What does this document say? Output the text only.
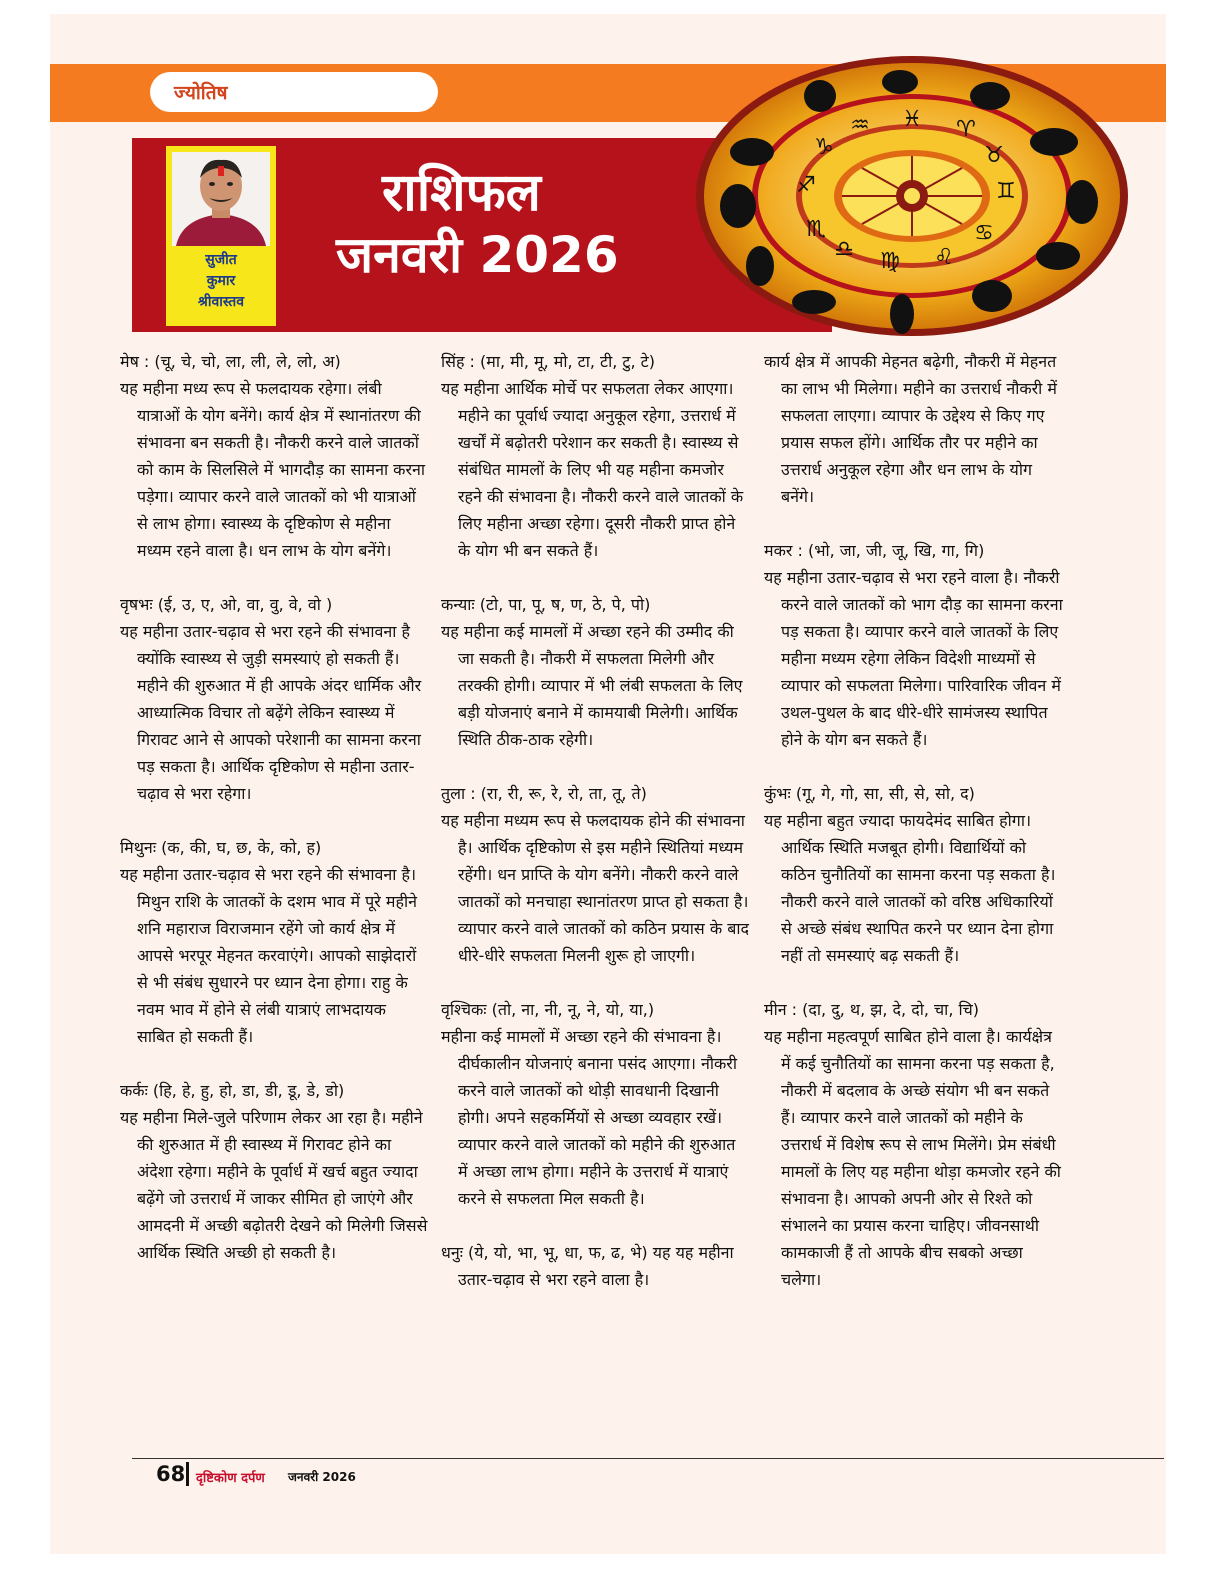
ज्योतिष
सुजीत
कुमार
श्रीवास्तव
राशिफल
जनवरी 2026
♓ ♈
♉
♊
♋
♌
♍
♎
♏
♐
♑
♒
मेष : (चू, चे, चो, ला, ली, ले, लो, अ)

यह महीना मध्य रूप से फलदायक रहेगा। लंबी यात्राओं के योग बनेंगे। कार्य क्षेत्र में स्थानांतरण की संभावना बन सकती है। नौकरी करने वाले जातकों को काम के सिलसिले में भागदौड़ का सामना करना पड़ेगा। व्यापार करने वाले जातकों को भी यात्राओं से लाभ होगा। स्वास्थ्य के दृष्टिकोण से महीना मध्यम रहने वाला है। धन लाभ के योग बनेंगे।

वृषभः (ई, उ, ए, ओ, वा, वु, वे, वो )

यह महीना उतार-चढ़ाव से भरा रहने की संभावना है क्योंकि स्वास्थ्य से जुड़ी समस्याएं हो सकती हैं। महीने की शुरुआत में ही आपके अंदर धार्मिक और आध्यात्मिक विचार तो बढ़ेंगे लेकिन स्वास्थ्य में गिरावट आने से आपको परेशानी का सामना करना पड़ सकता है। आर्थिक दृष्टिकोण से महीना उतार-चढ़ाव से भरा रहेगा।

मिथुनः (क, की, घ, छ, के, को, ह)

यह महीना उतार-चढ़ाव से भरा रहने की संभावना है। मिथुन राशि के जातकों के दशम भाव में पूरे महीने शनि महाराज विराजमान रहेंगे जो कार्य क्षेत्र में आपसे भरपूर मेहनत करवाएंगे। आपको साझेदारों से भी संबंध सुधारने पर ध्यान देना होगा। राहु के नवम भाव में होने से लंबी यात्राएं लाभदायक साबित हो सकती हैं।

कर्कः (हि, हे, हु, हो, डा, डी, डू, डे, डो)

यह महीना मिले-जुले परिणाम लेकर आ रहा है। महीने की शुरुआत में ही स्वास्थ्य में गिरावट होने का अंदेशा रहेगा। महीने के पूर्वार्ध में खर्च बहुत ज्यादा बढ़ेंगे जो उत्तरार्ध में जाकर सीमित हो जाएंगे और आमदनी में अच्छी बढ़ोतरी देखने को मिलेगी जिससे आर्थिक स्थिति अच्छी हो सकती है।

सिंह : (मा, मी, मू, मो, टा, टी, टु, टे)

यह महीना आर्थिक मोर्चे पर सफलता लेकर आएगा। महीने का पूर्वार्ध ज्यादा अनुकूल रहेगा, उत्तरार्ध में खर्चों में बढ़ोतरी परेशान कर सकती है। स्वास्थ्य से संबंधित मामलों के लिए भी यह महीना कमजोर रहने की संभावना है। नौकरी करने वाले जातकों के लिए महीना अच्छा रहेगा। दूसरी नौकरी प्राप्त होने के योग भी बन सकते हैं।

कन्याः (टो, पा, पू, ष, ण, ठे, पे, पो)

यह महीना कई मामलों में अच्छा रहने की उम्मीद की जा सकती है। नौकरी में सफलता मिलेगी और तरक्की होगी। व्यापार में भी लंबी सफलता के लिए बड़ी योजनाएं बनाने में कामयाबी मिलेगी। आर्थिक स्थिति ठीक-ठाक रहेगी।

तुला : (रा, री, रू, रे, रो, ता, तू, ते)

यह महीना मध्यम रूप से फलदायक होने की संभावना है। आर्थिक दृष्टिकोण से इस महीने स्थितियां मध्यम रहेंगी। धन प्राप्ति के योग बनेंगे। नौकरी करने वाले जातकों को मनचाहा स्थानांतरण प्राप्त हो सकता है। व्यापार करने वाले जातकों को कठिन प्रयास के बाद धीरे-धीरे सफलता मिलनी शुरू हो जाएगी।

वृश्चिकः (तो, ना, नी, नू, ने, यो, या,)

महीना कई मामलों में अच्छा रहने की संभावना है। दीर्घकालीन योजनाएं बनाना पसंद आएगा। नौकरी करने वाले जातकों को थोड़ी सावधानी दिखानी होगी। अपने सहकर्मियों से अच्छा व्यवहार रखें। व्यापार करने वाले जातकों को महीने की शुरुआत में अच्छा लाभ होगा। महीने के उत्तरार्ध में यात्राएं करने से सफलता मिल सकती है।

धनुः (ये, यो, भा, भू, धा, फ, ढ, भे) यह यह महीना उतार-चढ़ाव से भरा रहने वाला है।

कार्य क्षेत्र में आपकी मेहनत बढ़ेगी, नौकरी में मेहनत का लाभ भी मिलेगा। महीने का उत्तरार्ध नौकरी में सफलता लाएगा। व्यापार के उद्देश्य से किए गए प्रयास सफल होंगे। आर्थिक तौर पर महीने का उत्तरार्ध अनुकूल रहेगा और धन लाभ के योग बनेंगे।

मकर : (भो, जा, जी, जू, खि, गा, गि)

यह महीना उतार-चढ़ाव से भरा रहने वाला है। नौकरी करने वाले जातकों को भाग दौड़ का सामना करना पड़ सकता है। व्यापार करने वाले जातकों के लिए महीना मध्यम रहेगा लेकिन विदेशी माध्यमों से व्यापार को सफलता मिलेगा। पारिवारिक जीवन में उथल-पुथल के बाद धीरे-धीरे सामंजस्य स्थापित होने के योग बन सकते हैं।

कुंभः (गू, गे, गो, सा, सी, से, सो, द)

यह महीना बहुत ज्यादा फायदेमंद साबित होगा। आर्थिक स्थिति मजबूत होगी। विद्यार्थियों को कठिन चुनौतियों का सामना करना पड़ सकता है। नौकरी करने वाले जातकों को वरिष्ठ अधिकारियों से अच्छे संबंध स्थापित करने पर ध्यान देना होगा नहीं तो समस्याएं बढ़ सकती हैं।

मीन : (दा, दु, थ, झ, दे, दो, चा, चि)

यह महीना महत्वपूर्ण साबित होने वाला है। कार्यक्षेत्र में कई चुनौतियों का सामना करना पड़ सकता है, नौकरी में बदलाव के अच्छे संयोग भी बन सकते हैं। व्यापार करने वाले जातकों को महीने के उत्तरार्ध में विशेष रूप से लाभ मिलेंगे। प्रेम संबंधी मामलों के लिए यह महीना थोड़ा कमजोर रहने की संभावना है। आपको अपनी ओर से रिश्ते को संभालने का प्रयास करना चाहिए। जीवनसाथी कामकाजी हैं तो आपके बीच सबको अच्छा चलेगा।

68 दृष्टिकोण दर्पण जनवरी 2026
